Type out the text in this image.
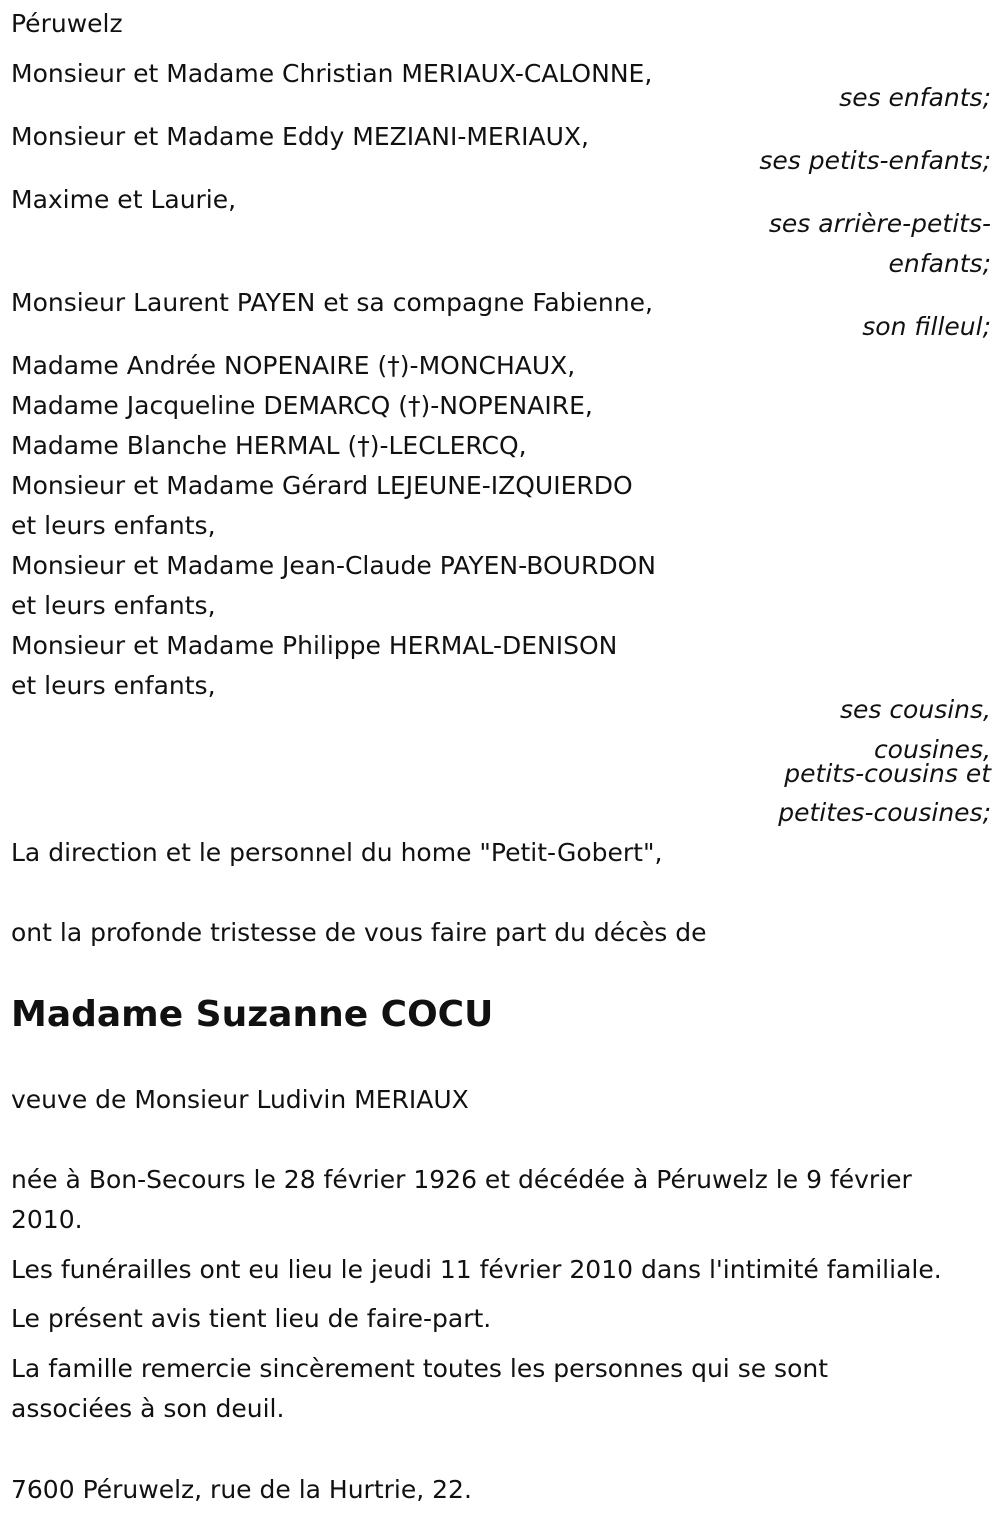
Péruwelz
Monsieur et Madame Christian MERIAUX-CALONNE,
ses enfants;
Monsieur et Madame Eddy MEZIANI-MERIAUX,
ses petits-enfants;
Maxime et Laurie,
ses arrière-petits-
enfants;
Monsieur Laurent PAYEN et sa compagne Fabienne,
son filleul;
Madame Andrée NOPENAIRE (†)-MONCHAUX,
Madame Jacqueline DEMARCQ (†)-NOPENAIRE,
Madame Blanche HERMAL (†)-LECLERCQ,
Monsieur et Madame Gérard LEJEUNE-IZQUIERDO
et leurs enfants,
Monsieur et Madame Jean-Claude PAYEN-BOURDON
et leurs enfants,
Monsieur et Madame Philippe HERMAL-DENISON
et leurs enfants,
ses cousins,
cousines,
petits-cousins et
petites-cousines;
La direction et le personnel du home "Petit-Gobert",
ont la profonde tristesse de vous faire part du décès de
Madame Suzanne COCU
veuve de Monsieur Ludivin MERIAUX
née à Bon-Secours le 28 février 1926 et décédée à Péruwelz le 9 février 2010.
Les funérailles ont eu lieu le jeudi 11 février 2010 dans l'intimité familiale.
Le présent avis tient lieu de faire-part.
La famille remercie sincèrement toutes les personnes qui se sont associées à son deuil.
7600 Péruwelz, rue de la Hurtrie, 22.
